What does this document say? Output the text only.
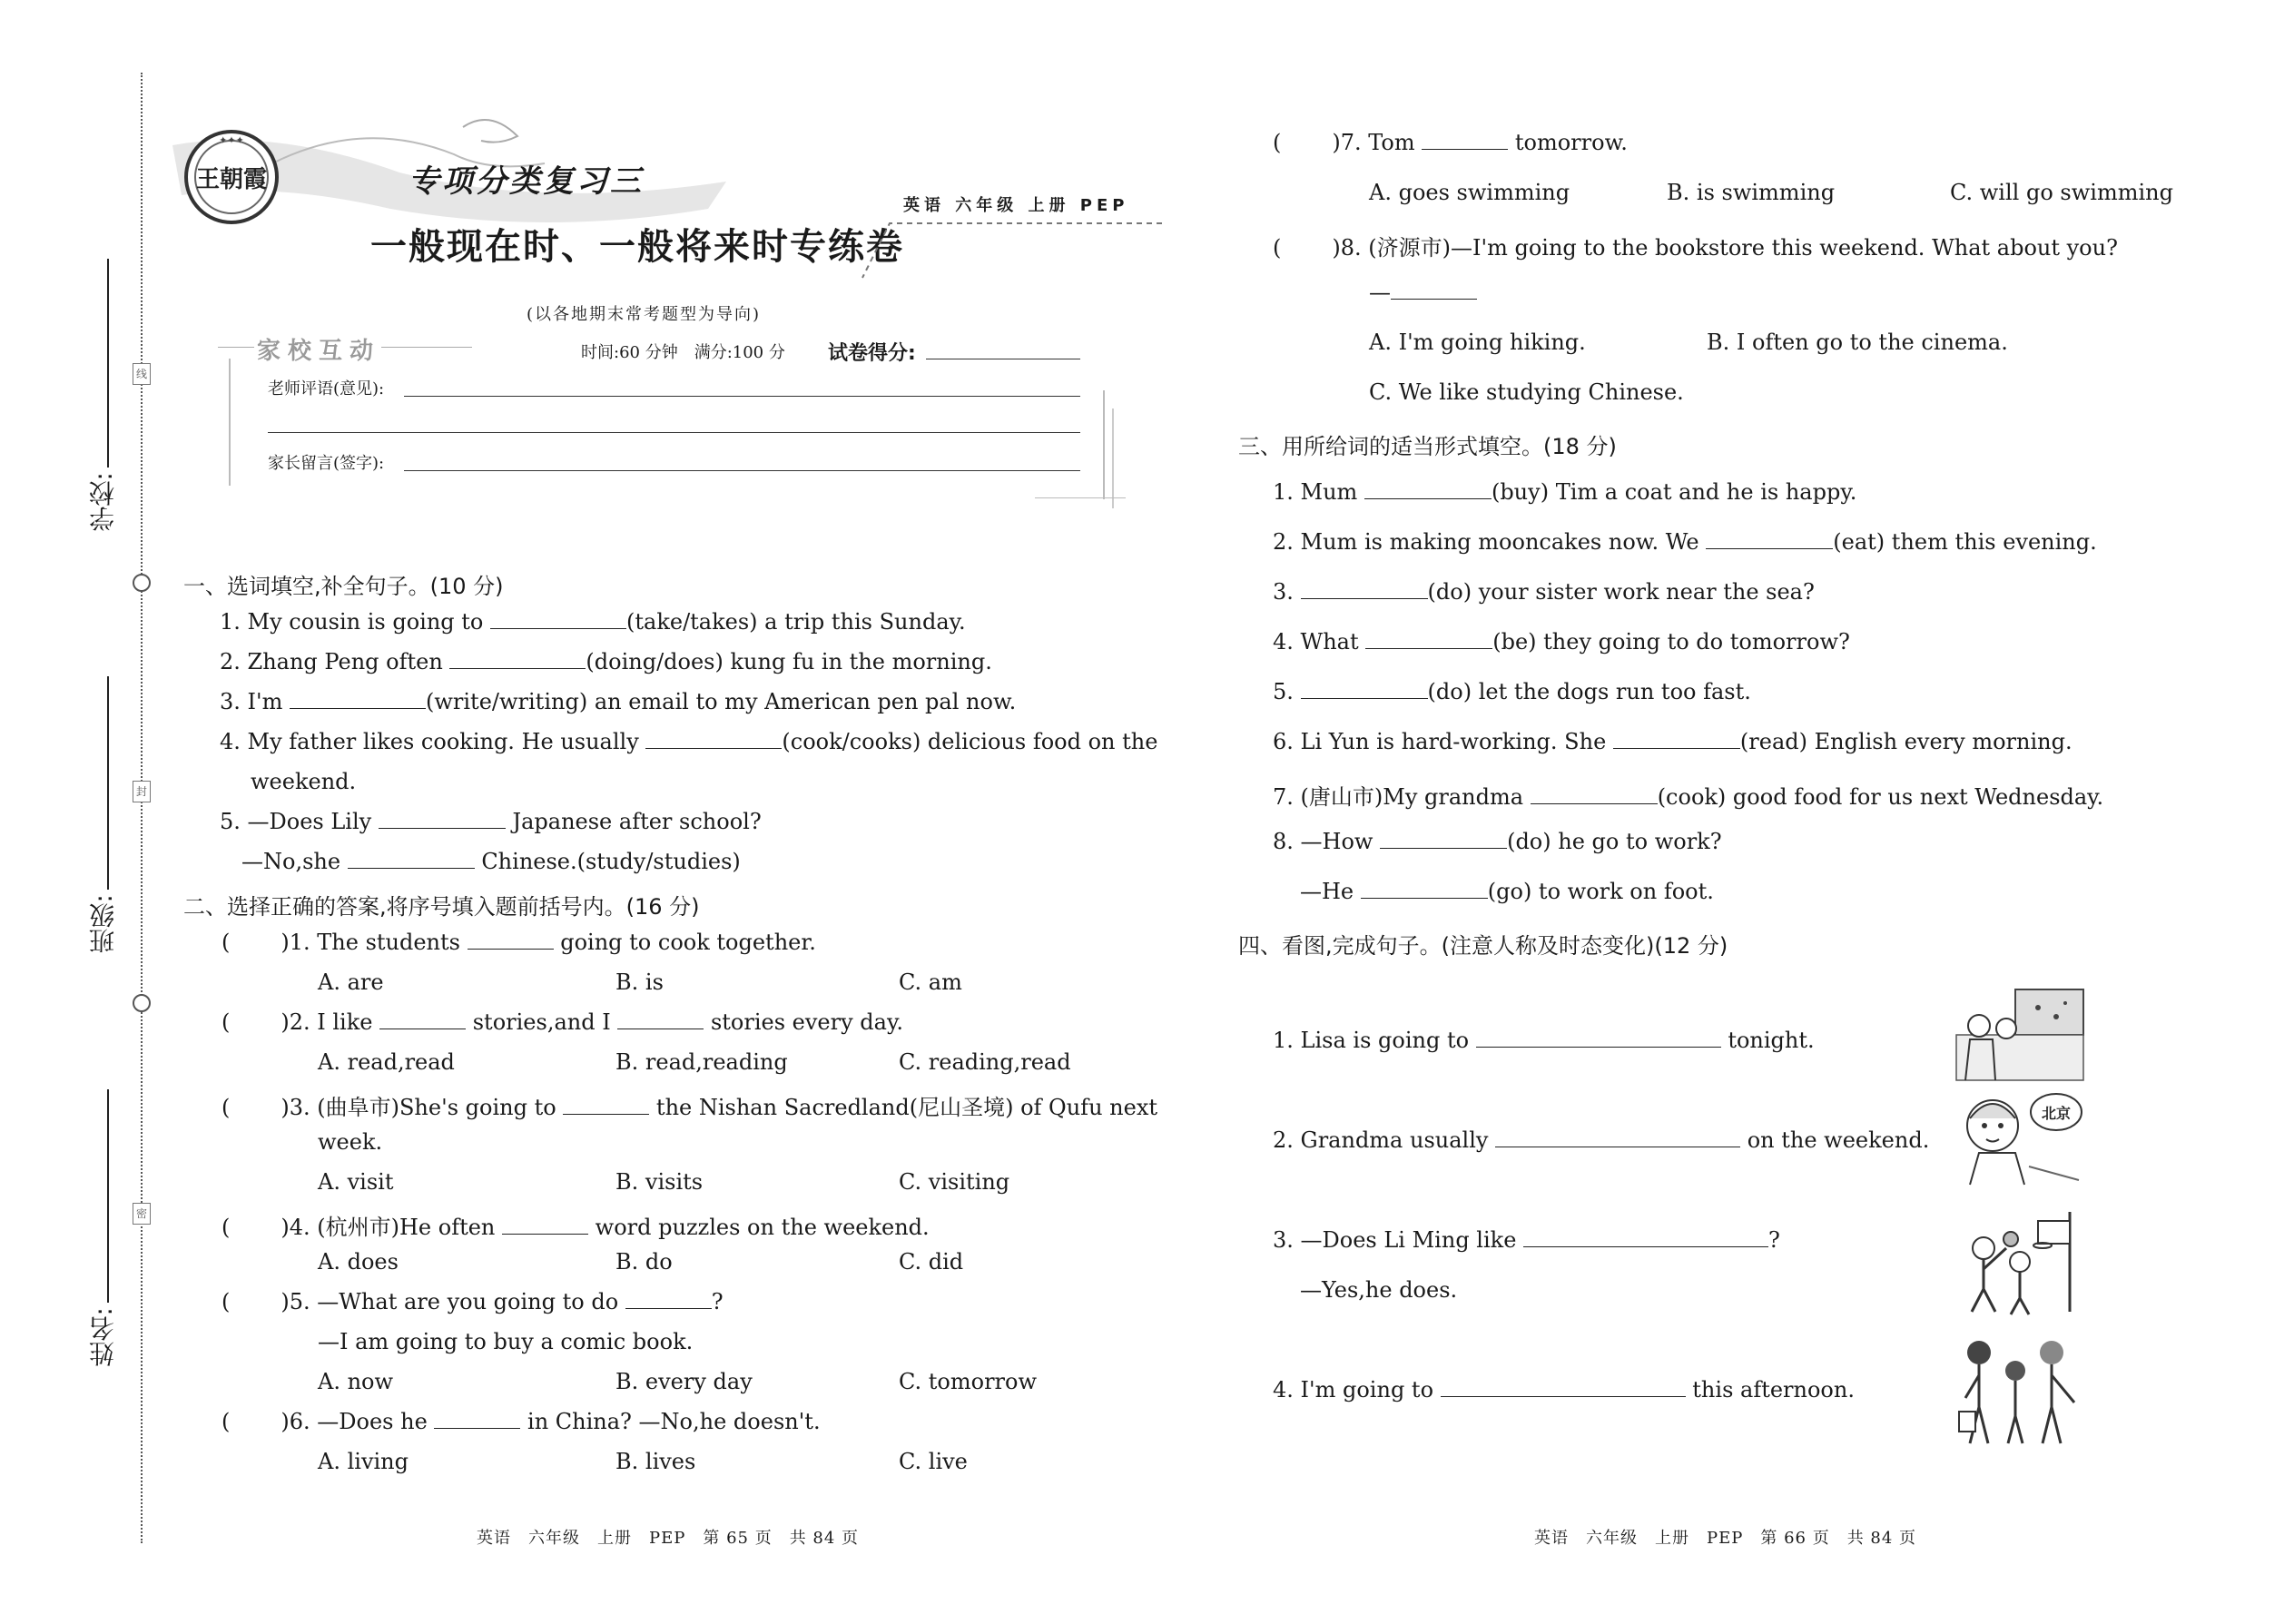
线
封
密
学校:
班级:
姓名:
王朝霞
✦✦✦
专项分类复习三
一般现在时、一般将来时专练卷
英语 六年级 上册 PEP
(以各地期末常考题型为导向)
家校互动	时间:60 分钟　满分:100 分 试卷得分:
老师评语(意见):
家长留言(签字):
一、选词填空,补全句子。(10 分)
1. My cousin is going to	(take/takes) a trip this Sunday.
2. Zhang Peng often	(doing/does) kung fu in the morning.
3. I'm	(write/writing) an email to my American pen pal now.
4. My father likes cooking. He usually	(cook/cooks) delicious food on the
weekend.
5. —Does Lily	Japanese after school?
—No,she	Chinese.(study/studies)
二、选择正确的答案,将序号填入题前括号内。(16 分)
( )1. The students	going to cook together.
A. are	B. is	C. am
( )2. I like	stories,and I	stories every day.
A. read,read	B. read,reading	C. reading,read
( )3. (曲阜市)She's going to	the Nishan Sacredland(尼山圣境) of Qufu next
week.
A. visit	B. visits	C. visiting
( )4. (杭州市)He often	word puzzles on the weekend.
A. does	B. do	C. did
( )5. —What are you going to do	?
—I am going to buy a comic book.
A. now	B. every day	C. tomorrow
( )6. —Does he	in China? —No,he doesn't.
A. living	B. lives	C. live
英语　六年级　上册　PEP　第 65 页　共 84 页
( )7. Tom	tomorrow.
A. goes swimming	B. is swimming	C. will go swimming
( )8. (济源市)—I'm going to the bookstore this weekend. What about you?
—
A. I'm going hiking.	B. I often go to the cinema.
C. We like studying Chinese.
三、用所给词的适当形式填空。(18 分)
1. Mum	(buy) Tim a coat and he is happy.
2. Mum is making mooncakes now. We	(eat) them this evening.
3.	(do) your sister work near the sea?
4. What	(be) they going to do tomorrow?
5.	(do) let the dogs run too fast.
6. Li Yun is hard-working. She	(read) English every morning.
7. (唐山市)My grandma	(cook) good food for us next Wednesday.
8. —How	(do) he go to work?
—He	(go) to work on foot.
四、看图,完成句子。(注意人称及时态变化)(12 分)
1. Lisa is going to	tonight.
2. Grandma usually	on the weekend.
3. —Does Li Ming like	?
—Yes,he does.
4. I'm going to	this afternoon.
北京
英语　六年级　上册　PEP　第 66 页　共 84 页
